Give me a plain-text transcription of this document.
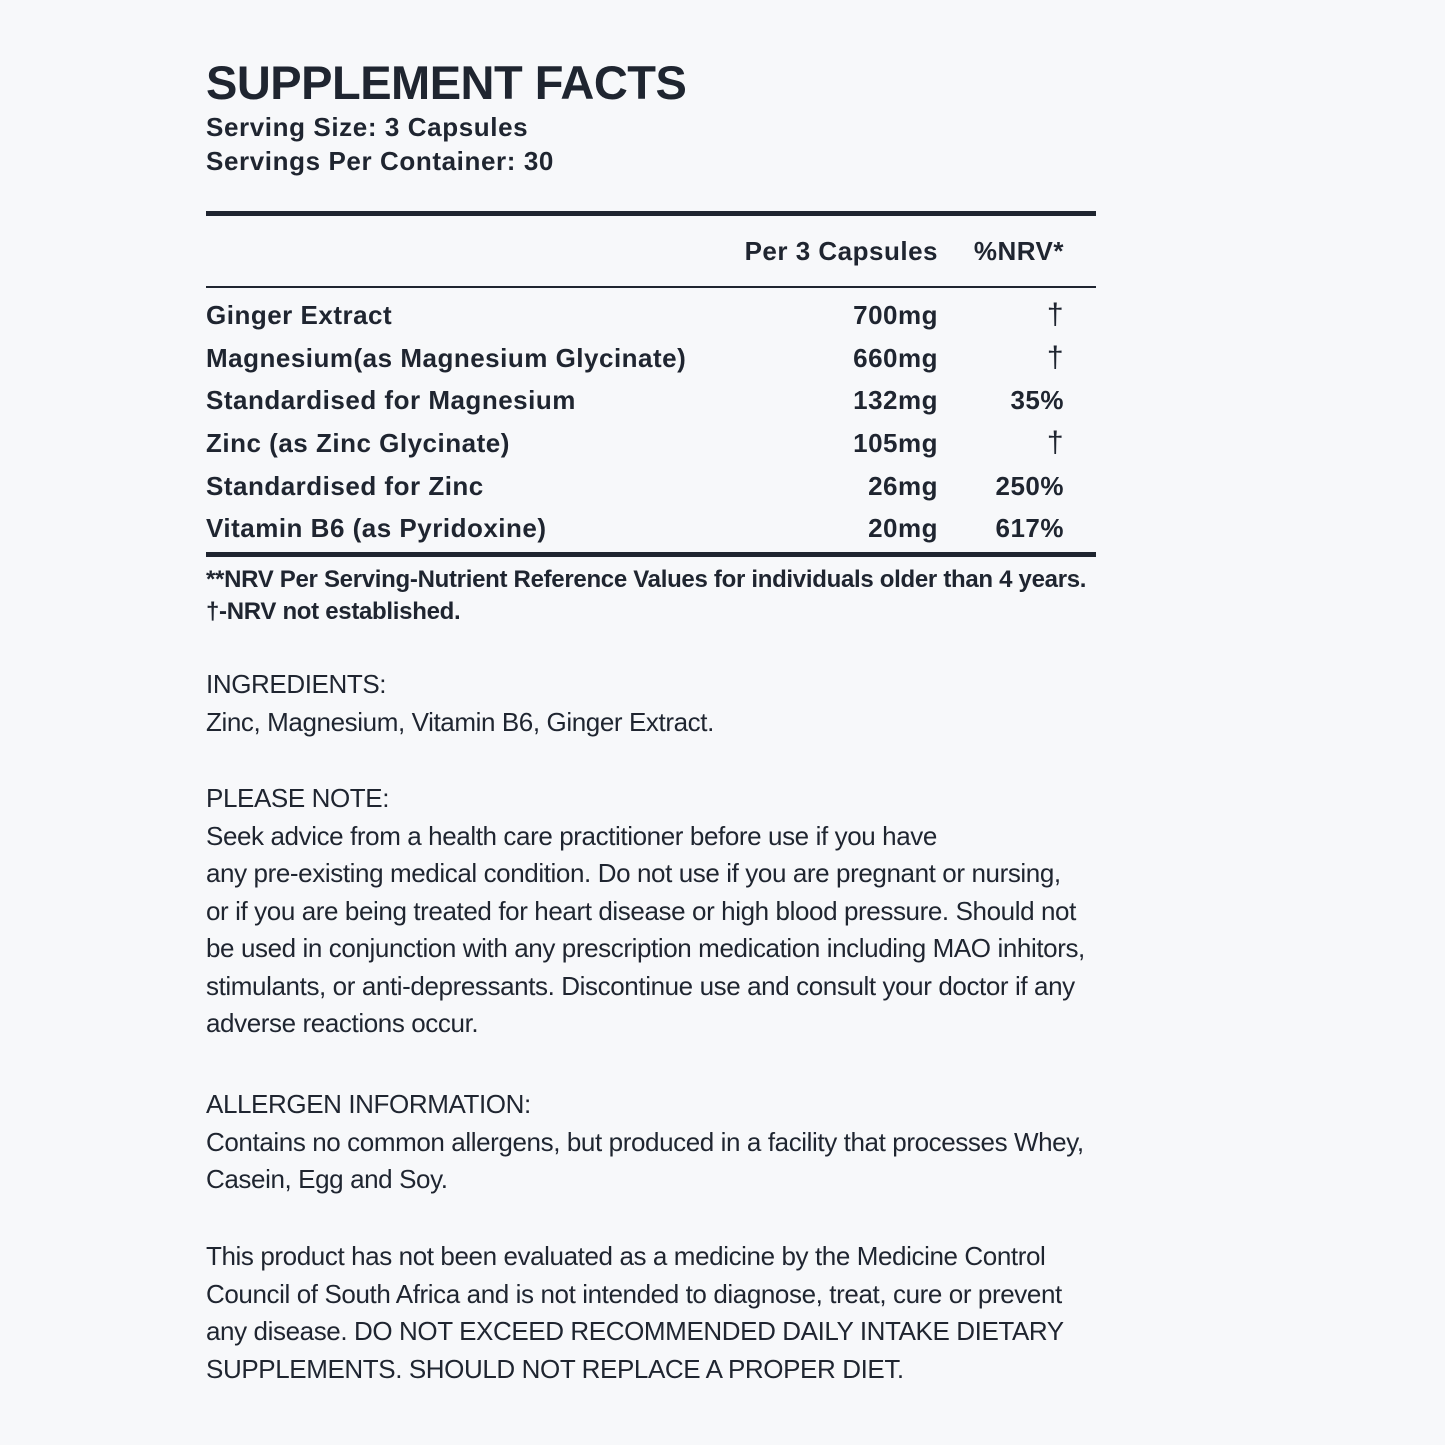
SUPPLEMENT FACTS
Serving Size: 3 Capsules
Servings Per Container: 30
Per 3 Capsules	%NRV*
Ginger Extract	700mg	†
Magnesium(as Magnesium Glycinate)	660mg	†
Standardised for Magnesium	132mg	35%
Zinc (as Zinc Glycinate)	105mg	†
Standardised for Zinc	26mg	250%
Vitamin B6 (as Pyridoxine)	20mg	617%
**NRV Per Serving-Nutrient Reference Values for individuals older than 4 years.
†-NRV not established.

INGREDIENTS:

Zinc, Magnesium, Vitamin B6, Ginger Extract.

PLEASE NOTE:

Seek advice from a health care practitioner before use if you have

any pre-existing medical condition. Do not use if you are pregnant or nursing,

or if you are being treated for heart disease or high blood pressure. Should not

be used in conjunction with any prescription medication including MAO inhitors,

stimulants, or anti-depressants. Discontinue use and consult your doctor if any

adverse reactions occur.

ALLERGEN INFORMATION:

Contains no common allergens, but produced in a facility that processes Whey,

Casein, Egg and Soy.

This product has not been evaluated as a medicine by the Medicine Control

Council of South Africa and is not intended to diagnose, treat, cure or prevent

any disease. DO NOT EXCEED RECOMMENDED DAILY INTAKE DIETARY

SUPPLEMENTS. SHOULD NOT REPLACE A PROPER DIET.
